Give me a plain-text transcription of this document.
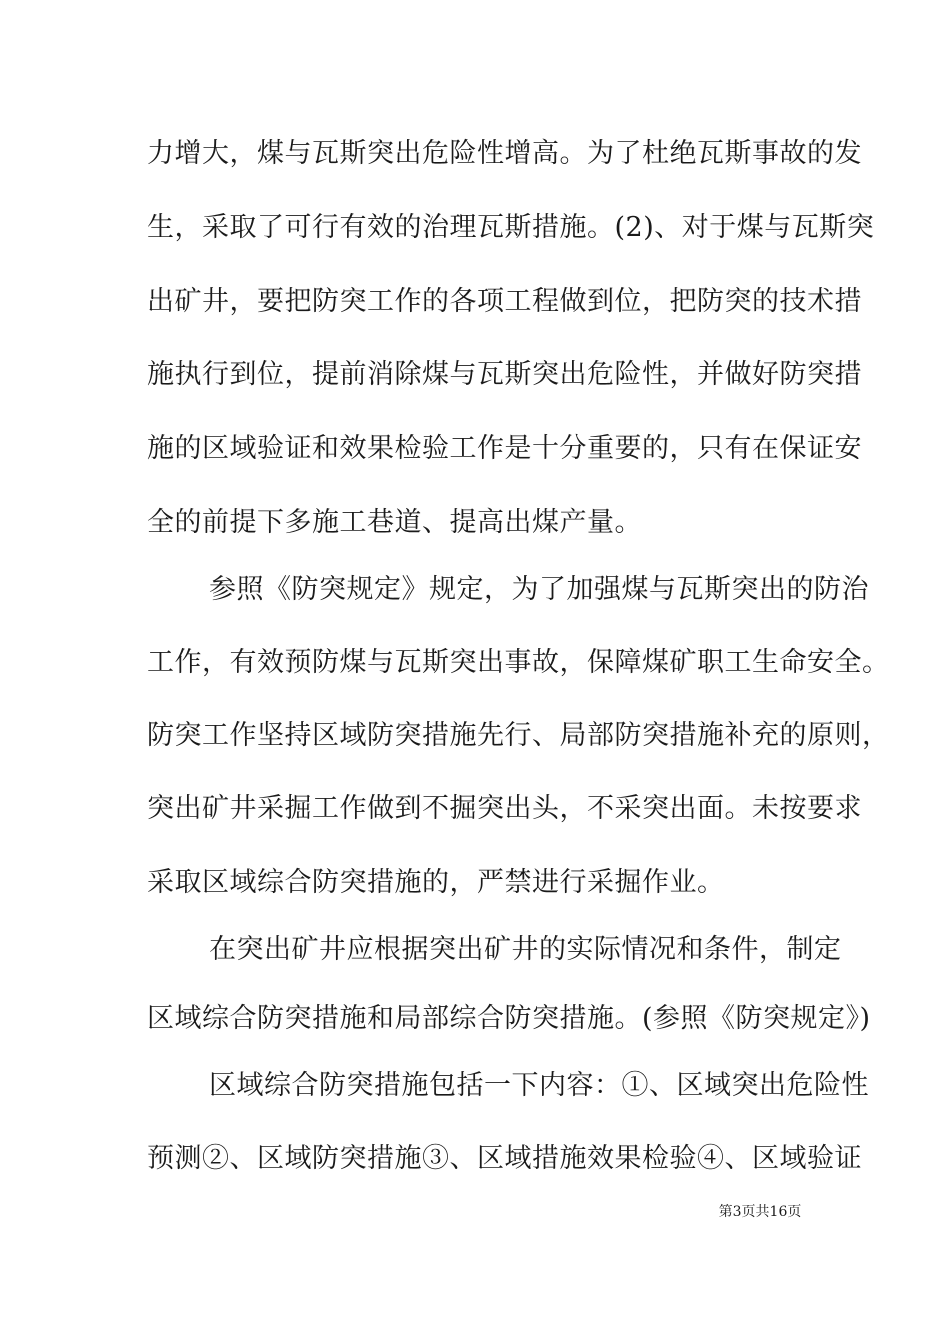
力增大，煤与瓦斯突出危险性增高。为了杜绝瓦斯事故的发
生，采取了可行有效的治理瓦斯措施。(2)、对于煤与瓦斯突
出矿井，要把防突工作的各项工程做到位，把防突的技术措
施执行到位，提前消除煤与瓦斯突出危险性，并做好防突措
施的区域验证和效果检验工作是十分重要的，只有在保证安
全的前提下多施工巷道、提高出煤产量。
参照《防突规定》规定，为了加强煤与瓦斯突出的防治
工作，有效预防煤与瓦斯突出事故，保障煤矿职工生命安全。
防突工作坚持区域防突措施先行、局部防突措施补充的原则，
突出矿井采掘工作做到不掘突出头，不采突出面。未按要求
采取区域综合防突措施的，严禁进行采掘作业。
在突出矿井应根据突出矿井的实际情况和条件，制定
区域综合防突措施和局部综合防突措施。(参照《防突规定》)
区域综合防突措施包括一下内容：①、区域突出危险性
预测②、区域防突措施③、区域措施效果检验④、区域验证
第3页共16页
